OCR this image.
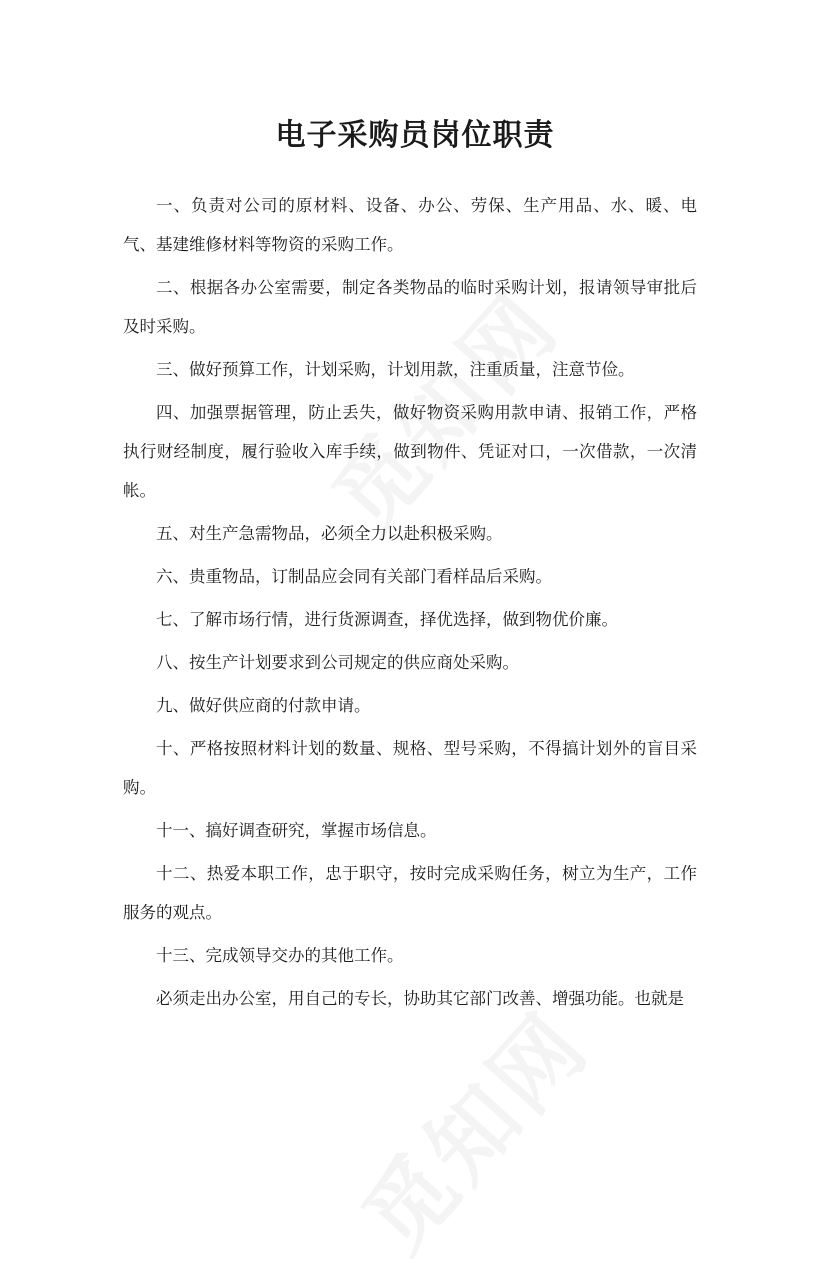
电子采购员岗位职责

一、负责对公司的原材料、设备、办公、劳保、生产用品、水、暖、电气、基建维修材料等物资的采购工作。

二、根据各办公室需要，制定各类物品的临时采购计划，报请领导审批后及时采购。

三、做好预算工作，计划采购，计划用款，注重质量，注意节俭。

四、加强票据管理，防止丢失，做好物资采购用款申请、报销工作，严格执行财经制度，履行验收入库手续，做到物件、凭证对口，一次借款，一次清帐。

五、对生产急需物品，必须全力以赴积极采购。

六、贵重物品，订制品应会同有关部门看样品后采购。

七、了解市场行情，进行货源调查，择优选择，做到物优价廉。

八、按生产计划要求到公司规定的供应商处采购。

九、做好供应商的付款申请。

十、严格按照材料计划的数量、规格、型号采购，不得搞计划外的盲目采购。

十一、搞好调查研究，掌握市场信息。

十二、热爱本职工作，忠于职守，按时完成采购任务，树立为生产，工作服务的观点。

十三、完成领导交办的其他工作。

必须走出办公室，用自己的专长，协助其它部门改善、增强功能。也就是
